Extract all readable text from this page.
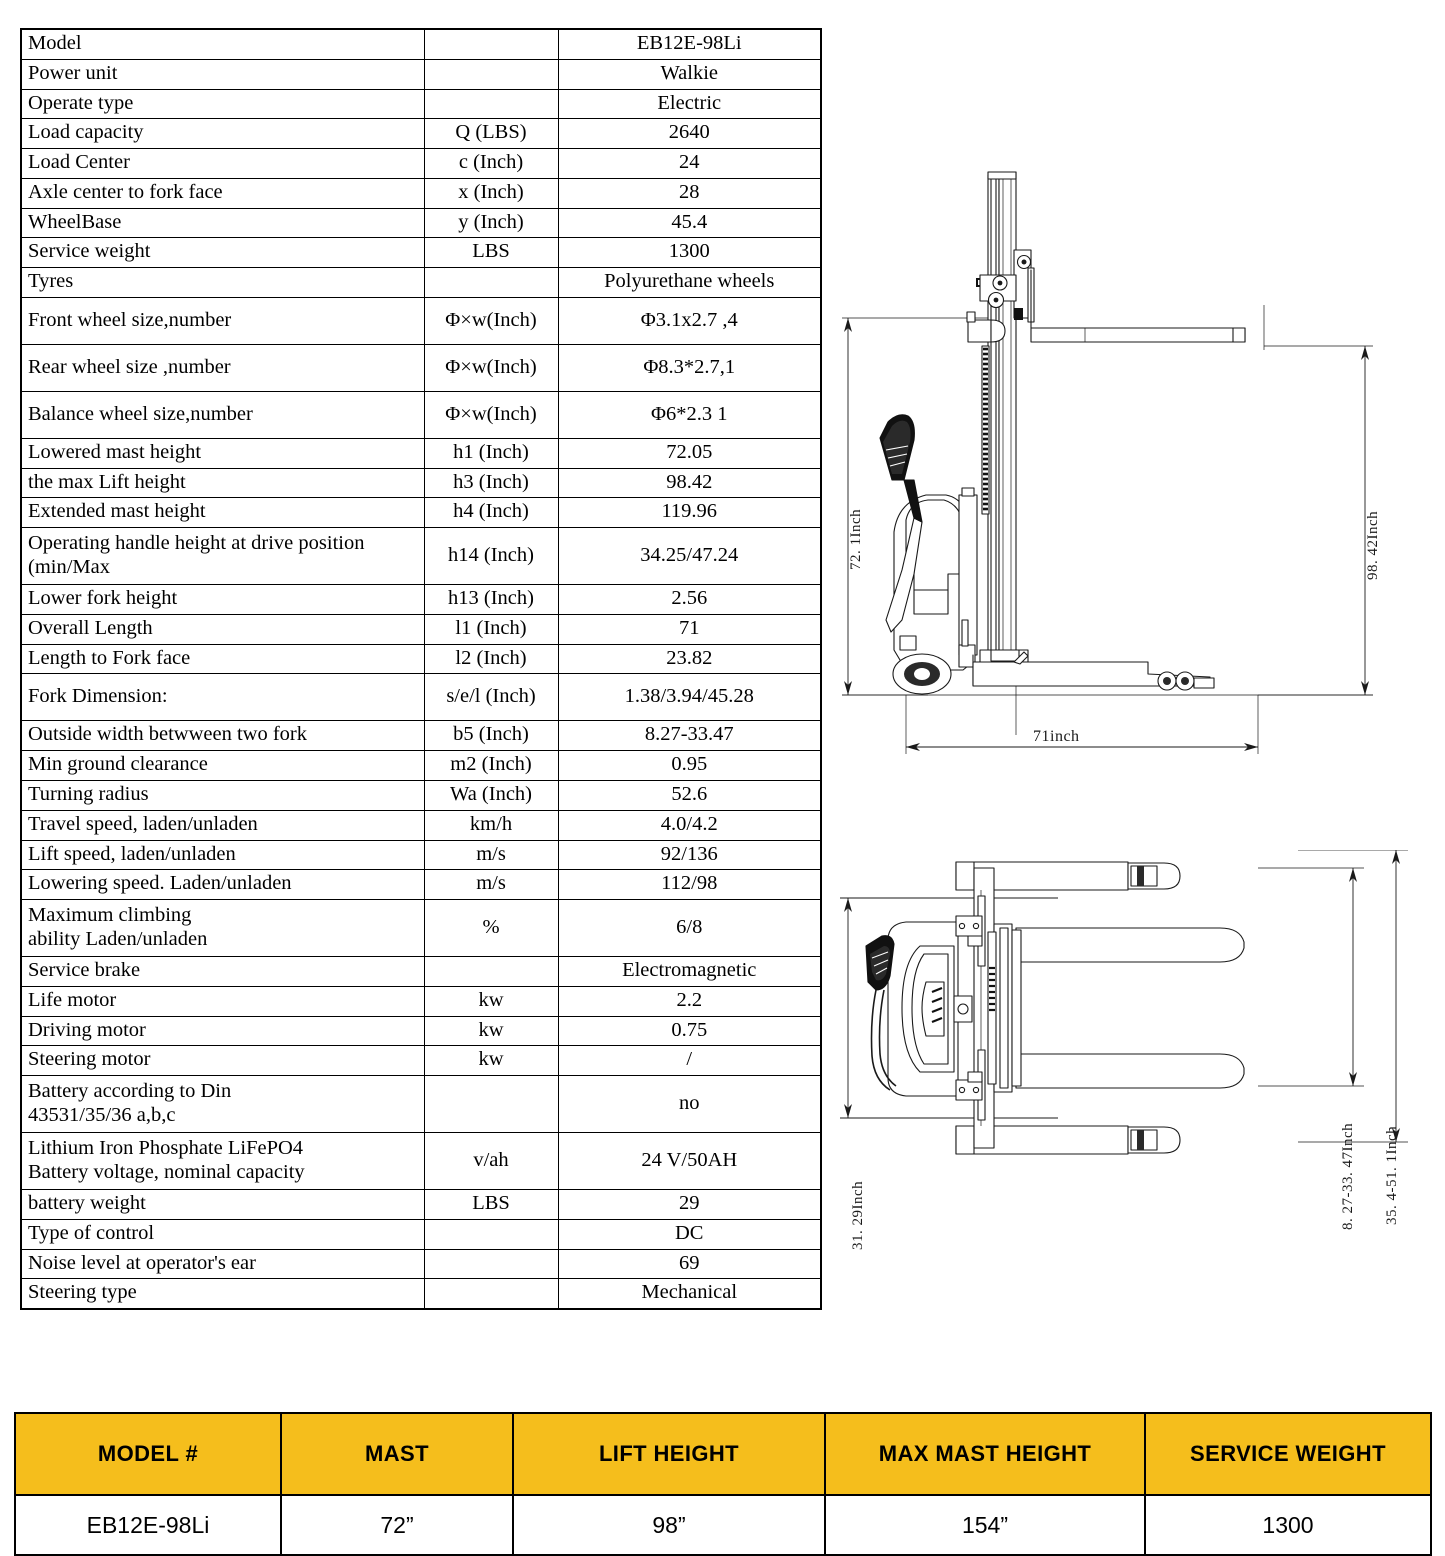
Model		EB12E-98Li
Power unit		Walkie
Operate type		Electric
Load capacity	Q (LBS)	2640
Load Center	c (Inch)	24
Axle center to fork face	x (Inch)	28
WheelBase	y (Inch)	45.4
Service weight	LBS	1300
Tyres		Polyurethane wheels
Front wheel size,number	Φ×w(Inch)	Φ3.1x2.7 ,4
Rear wheel size ,number	Φ×w(Inch)	Φ8.3*2.7,1
Balance wheel size,number	Φ×w(Inch)	Φ6*2.3 1
Lowered mast height	h1 (Inch)	72.05
the max Lift height	h3 (Inch)	98.42
Extended mast height	h4 (Inch)	119.96
Operating handle height at drive position (min/Max	h14 (Inch)	34.25/47.24
Lower fork height	h13 (Inch)	2.56
Overall Length	l1 (Inch)	71
Length to Fork face	l2 (Inch)	23.82
Fork Dimension:	s/e/l (Inch)	1.38/3.94/45.28
Outside width betwween two fork	b5 (Inch)	8.27-33.47
Min ground clearance	m2 (Inch)	0.95
Turning radius	Wa (Inch)	52.6
Travel speed, laden/unladen	km/h	4.0/4.2
Lift speed, laden/unladen	m/s	92/136
Lowering speed. Laden/unladen	m/s	112/98

Maximum climbing
ability Laden/unladen	%	6/8
Service brake		Electromagnetic
Life motor	kw	2.2
Driving motor	kw	0.75
Steering motor	kw	/

Battery according to Din
43531/35/36 a,b,c		no

Lithium Iron Phosphate LiFePO4
Battery voltage, nominal capacity	v/ah	24 V/50AH
battery weight	LBS	29
Type of control		DC
Noise level at operator's ear		69
Steering type		Mechanical
72. 1Inch	98. 42Inch
71inch
31. 29Inch	8. 27-33. 47Inch 35. 4-51. 1Inch
MODEL #	MAST	LIFT HEIGHT	MAX MAST HEIGHT	SERVICE WEIGHT
EB12E-98Li	72”	98”	154”	1300
